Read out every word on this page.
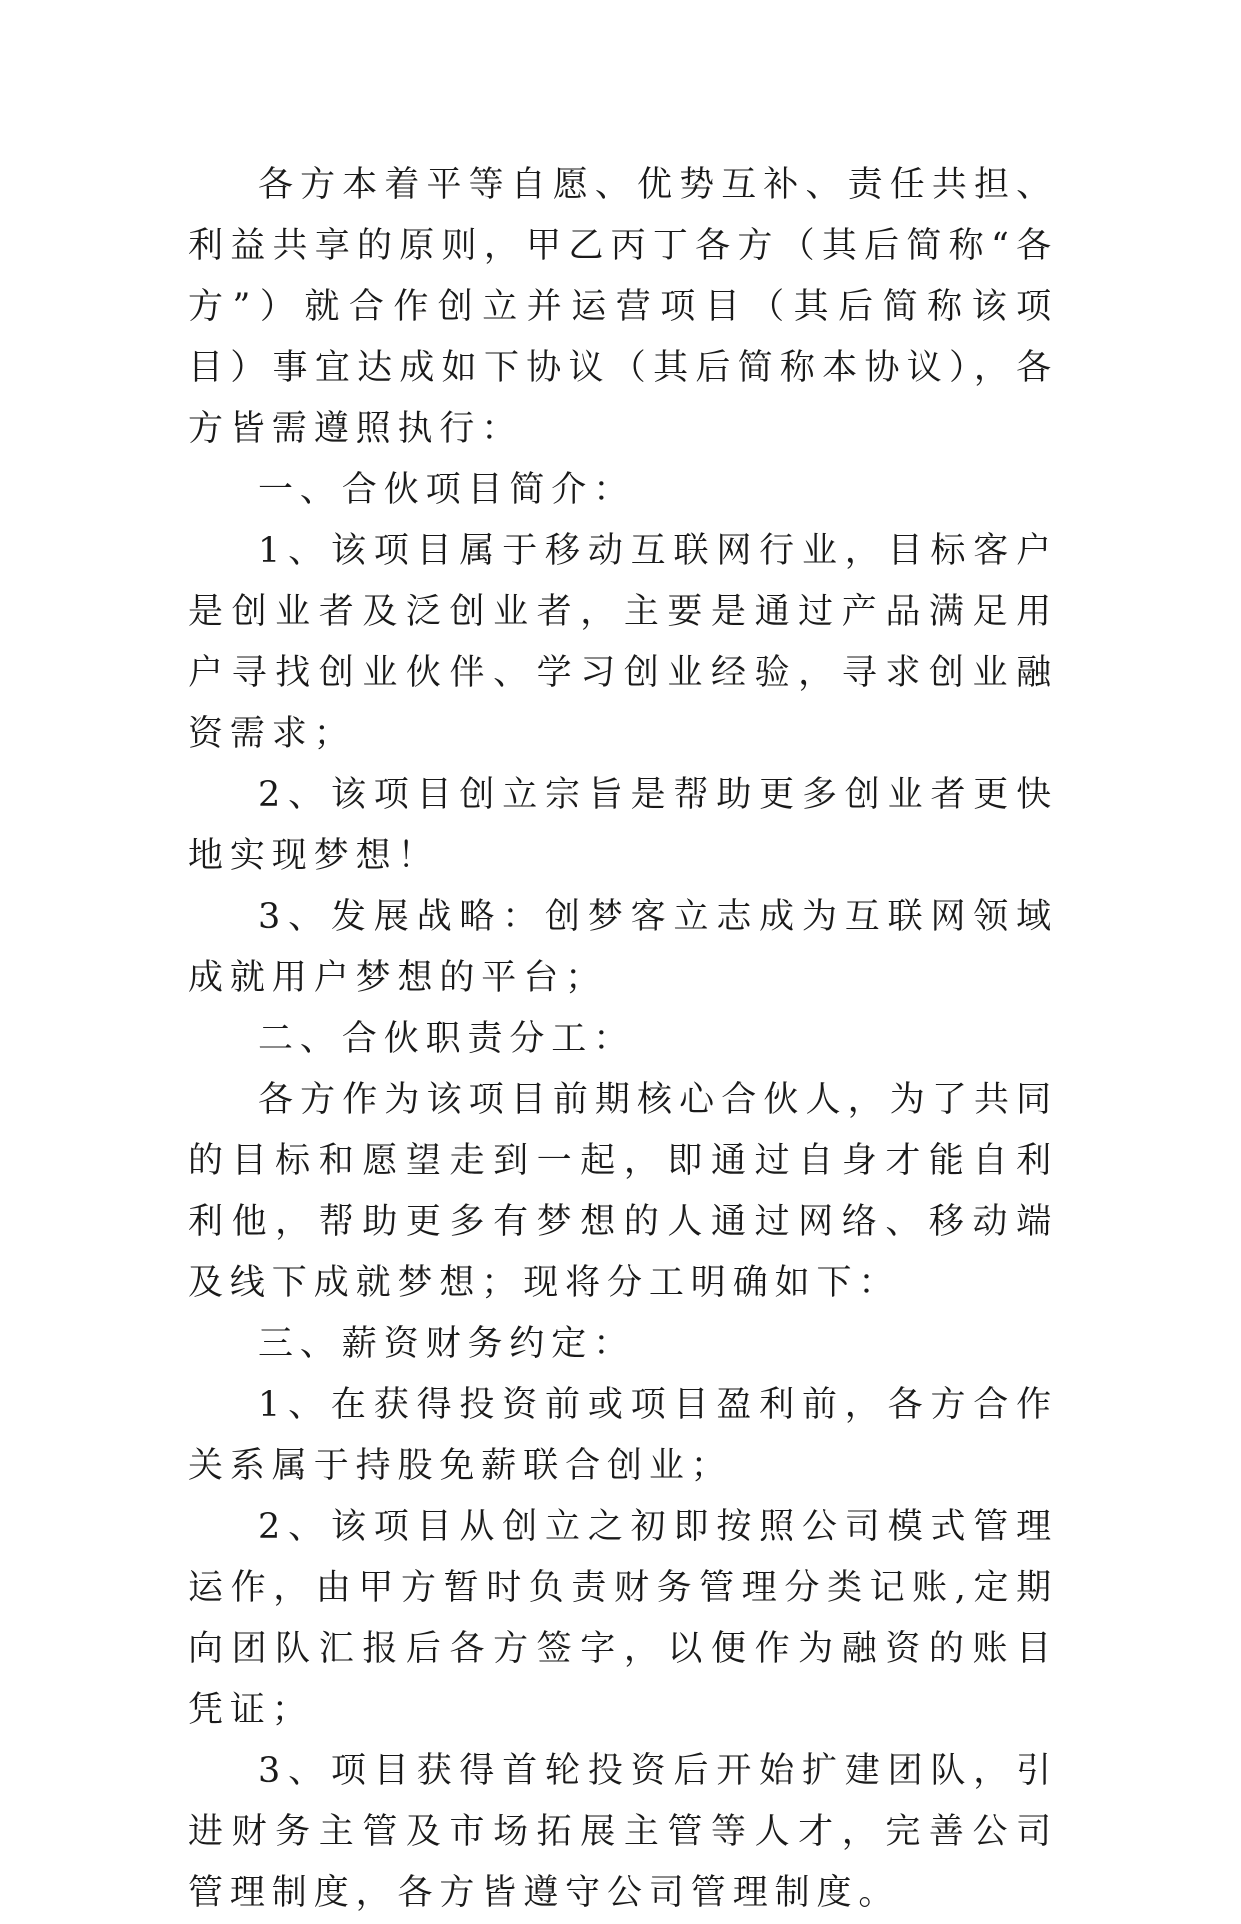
各方本着平等自愿、优势互补、责任共担、利益共享的原则，甲乙丙丁各方（其后简称“各方”）就合作创立并运营项目（其后简称该项目）事宜达成如下协议（其后简称本协议），各方皆需遵照执行：

一、合伙项目简介：

1、该项目属于移动互联网行业，目标客户是创业者及泛创业者，主要是通过产品满足用户寻找创业伙伴、学习创业经验，寻求创业融资需求；

2、该项目创立宗旨是帮助更多创业者更快地实现梦想！

3、发展战略：创梦客立志成为互联网领域成就用户梦想的平台；

二、合伙职责分工：

各方作为该项目前期核心合伙人，为了共同的目标和愿望走到一起，即通过自身才能自利利他，帮助更多有梦想的人通过网络、移动端及线下成就梦想；现将分工明确如下：

三、薪资财务约定：

1、在获得投资前或项目盈利前，各方合作关系属于持股免薪联合创业；

2、该项目从创立之初即按照公司模式管理运作，由甲方暂时负责财务管理分类记账,定期向团队汇报后各方签字，以便作为融资的账目凭证；

3、项目获得首轮投资后开始扩建团队，引进财务主管及市场拓展主管等人才，完善公司管理制度，各方皆遵守公司管理制度。
